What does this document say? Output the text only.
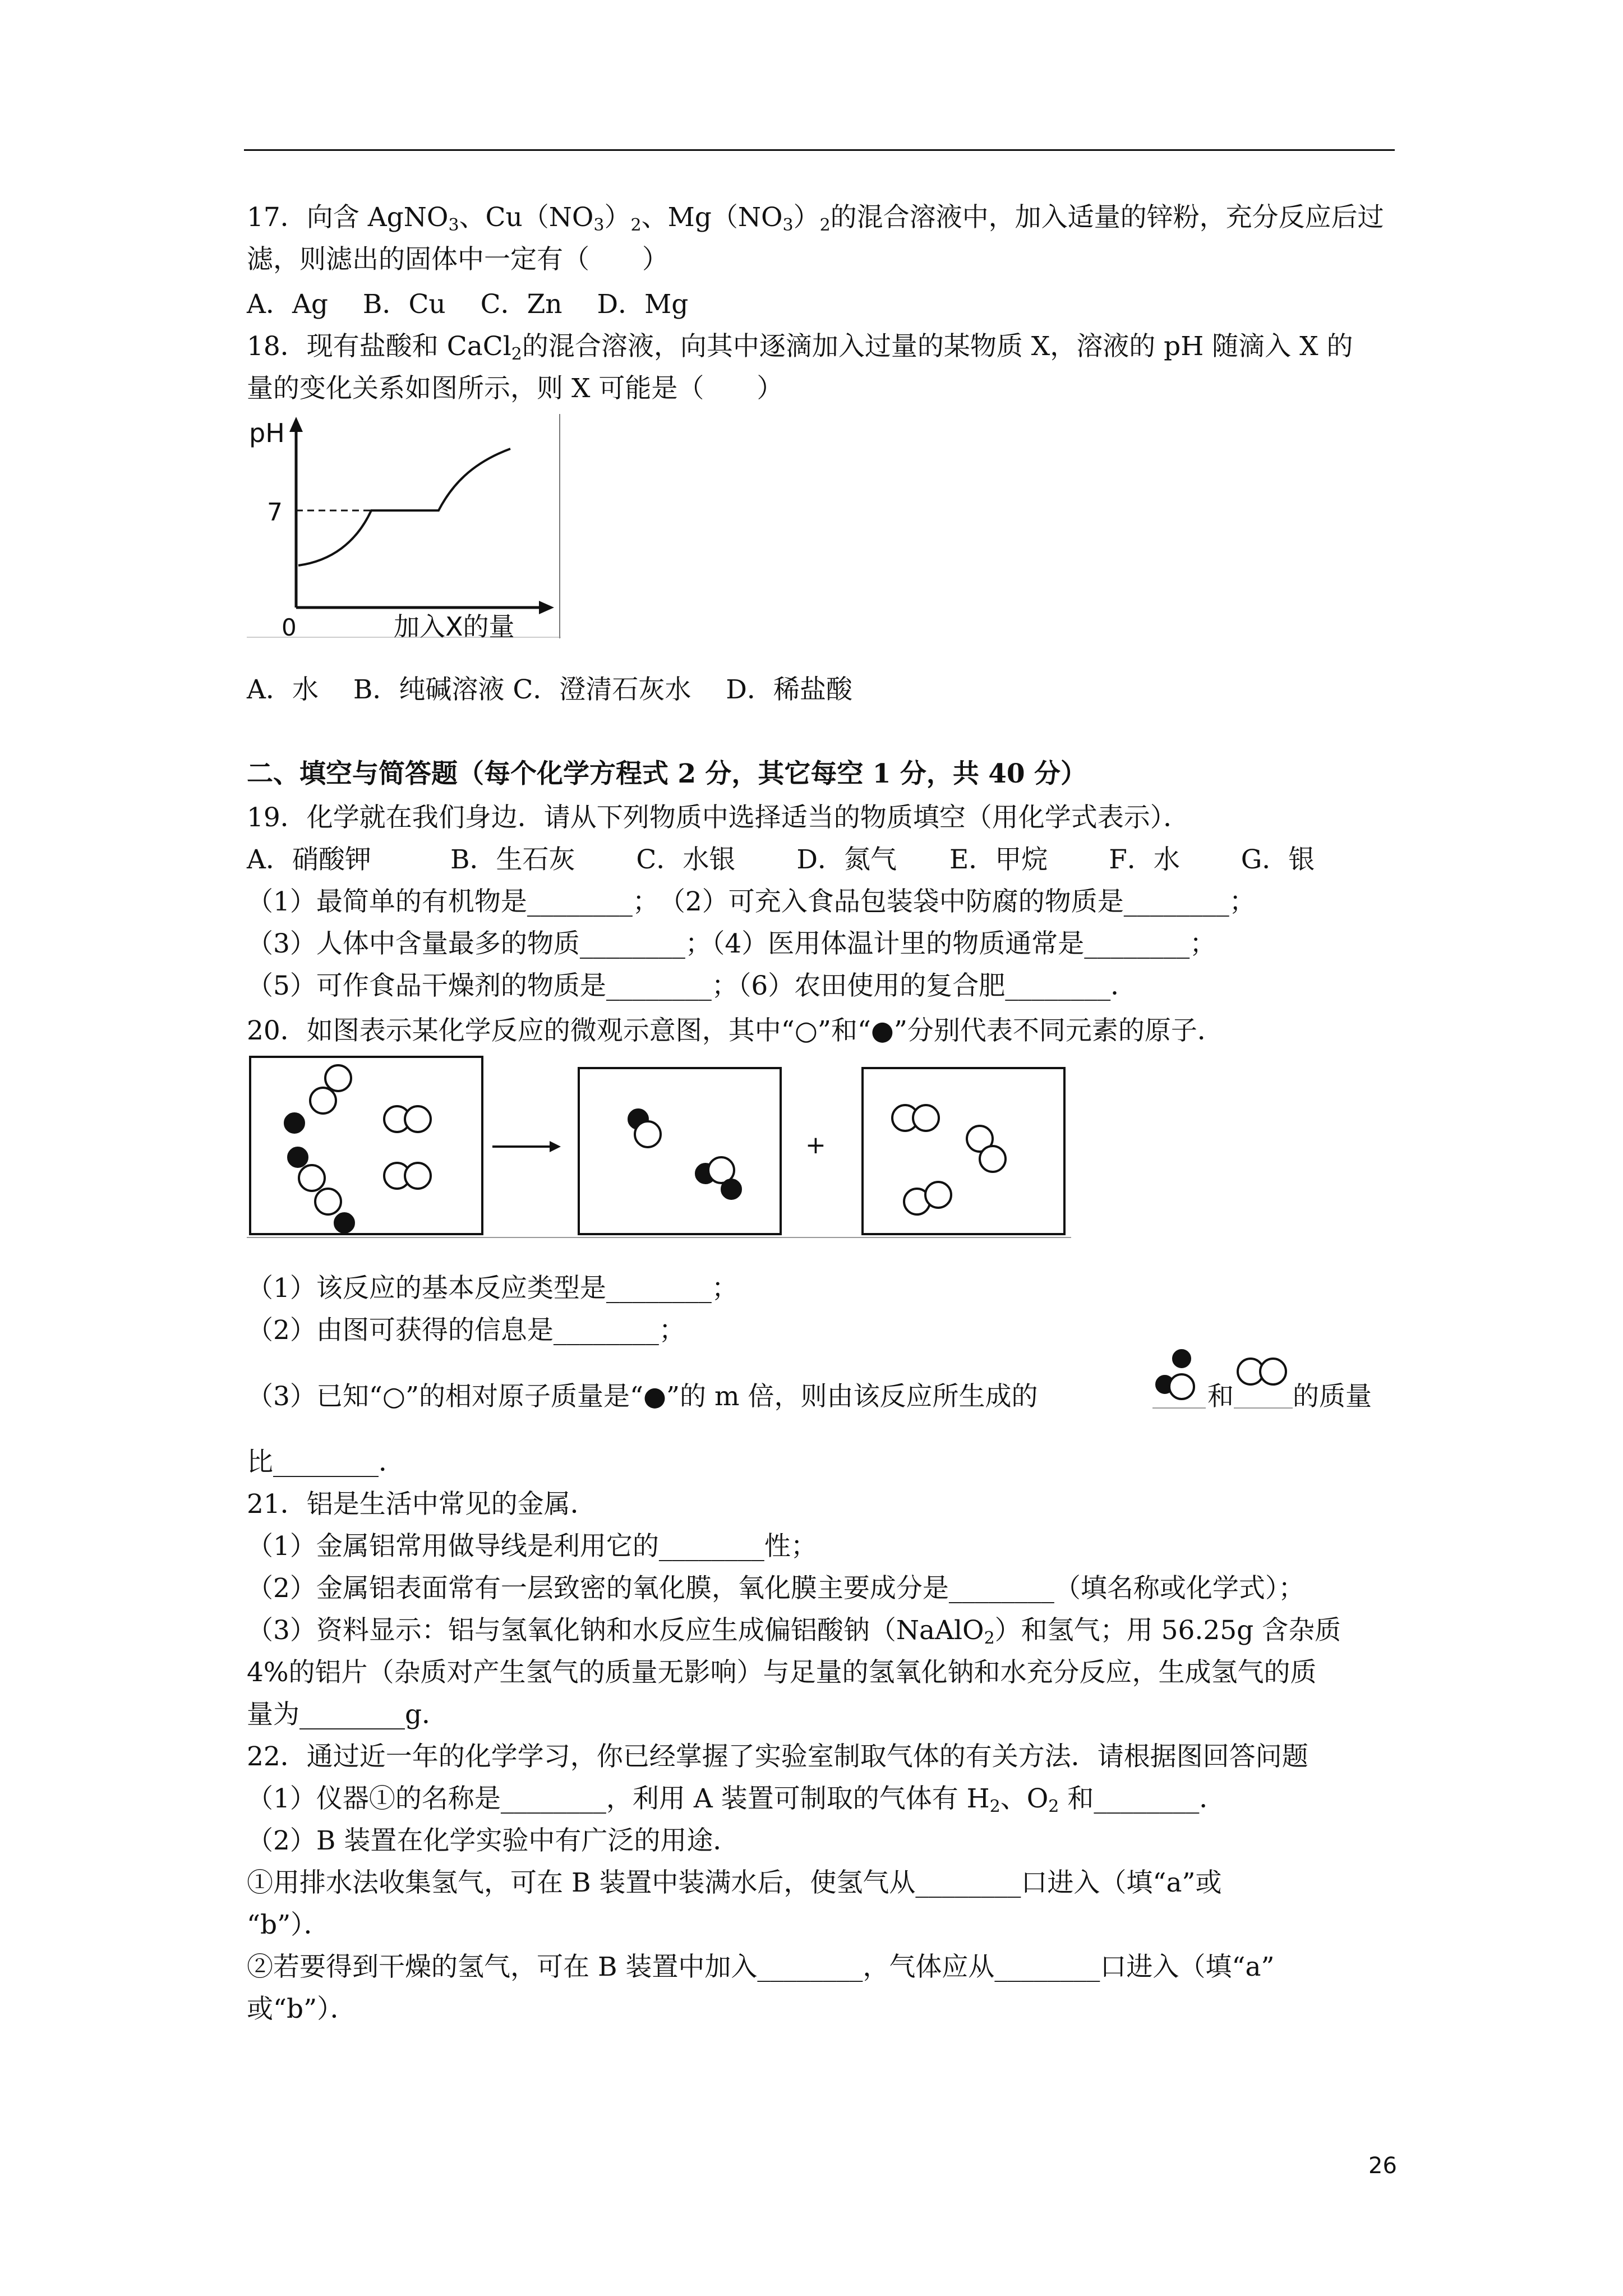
17．向含 AgNO$_3$、$Cu(NO_3)_2$、$Mg(NO_3)_2$的混合溶液中，加入适量的锌粉，充分反应后过
滤，则滤出的固体中一定有（　　）
A．Ag　 B．Cu　 C．Zn　 D．Mg
18．现有盐酸和 CaCl$_2$的混合溶液，向其中逐滴加入过量的某物质 X，溶液的 pH 随滴入 X 的
量的变化关系如图所示，则 X 可能是（　　）
pH
7
0	加入X的量
A．水　 B．纯碱溶液 C．澄清石灰水　 D．稀盐酸
二、填空与简答题（每个化学方程式 2 分，其它每空 1 分，共 40 分）
19．化学就在我们身边．请从下列物质中选择适当的物质填空（用化学式表示）．
A．硝酸钾　　　B．生石灰　　 C．水银　　 D．氮气　　E．甲烷　　 F．水　　 G．银
（1）最简单的有机物是________；　（2）可充入食品包装袋中防腐的物质是________；
（3）人体中含量最多的物质________；（4）医用体温计里的物质通常是________；
（5）可作食品干燥剂的物质是________；（6）农田使用的复合肥________．
20．如图表示某化学反应的微观示意图，其中“○”和“●”分别代表不同元素的原子．
+
（1）该反应的基本反应类型是________；
（2）由图可获得的信息是________；
（3）已知“○”的相对原子质量是“●”的 m 倍，则由该反应所生成的	和 的质量
比________．
21．铝是生活中常见的金属．
（1）金属铝常用做导线是利用它的________性；
（2）金属铝表面常有一层致密的氧化膜，氧化膜主要成分是________（填名称或化学式）；
（3）资料显示：铝与氢氧化钠和水反应生成偏铝酸钠（NaAlO$_2$）和氢气；用 56.25g 含杂质
4%的铝片（杂质对产生氢气的质量无影响）与足量的氢氧化钠和水充分反应，生成氢气的质
量为________g．
22．通过近一年的化学学习，你已经掌握了实验室制取气体的有关方法．请根据图回答问题
（1）仪器①的名称是________，利用 A 装置可制取的气体有 $H_2$、$O_2$ 和________．
（2）B 装置在化学实验中有广泛的用途．
①用排水法收集氢气，可在 B 装置中装满水后，使氢气从________口进入（填“a”或
“b”）．
②若要得到干燥的氢气，可在 B 装置中加入________，气体应从________口进入（填“a”
或“b”）．
26
